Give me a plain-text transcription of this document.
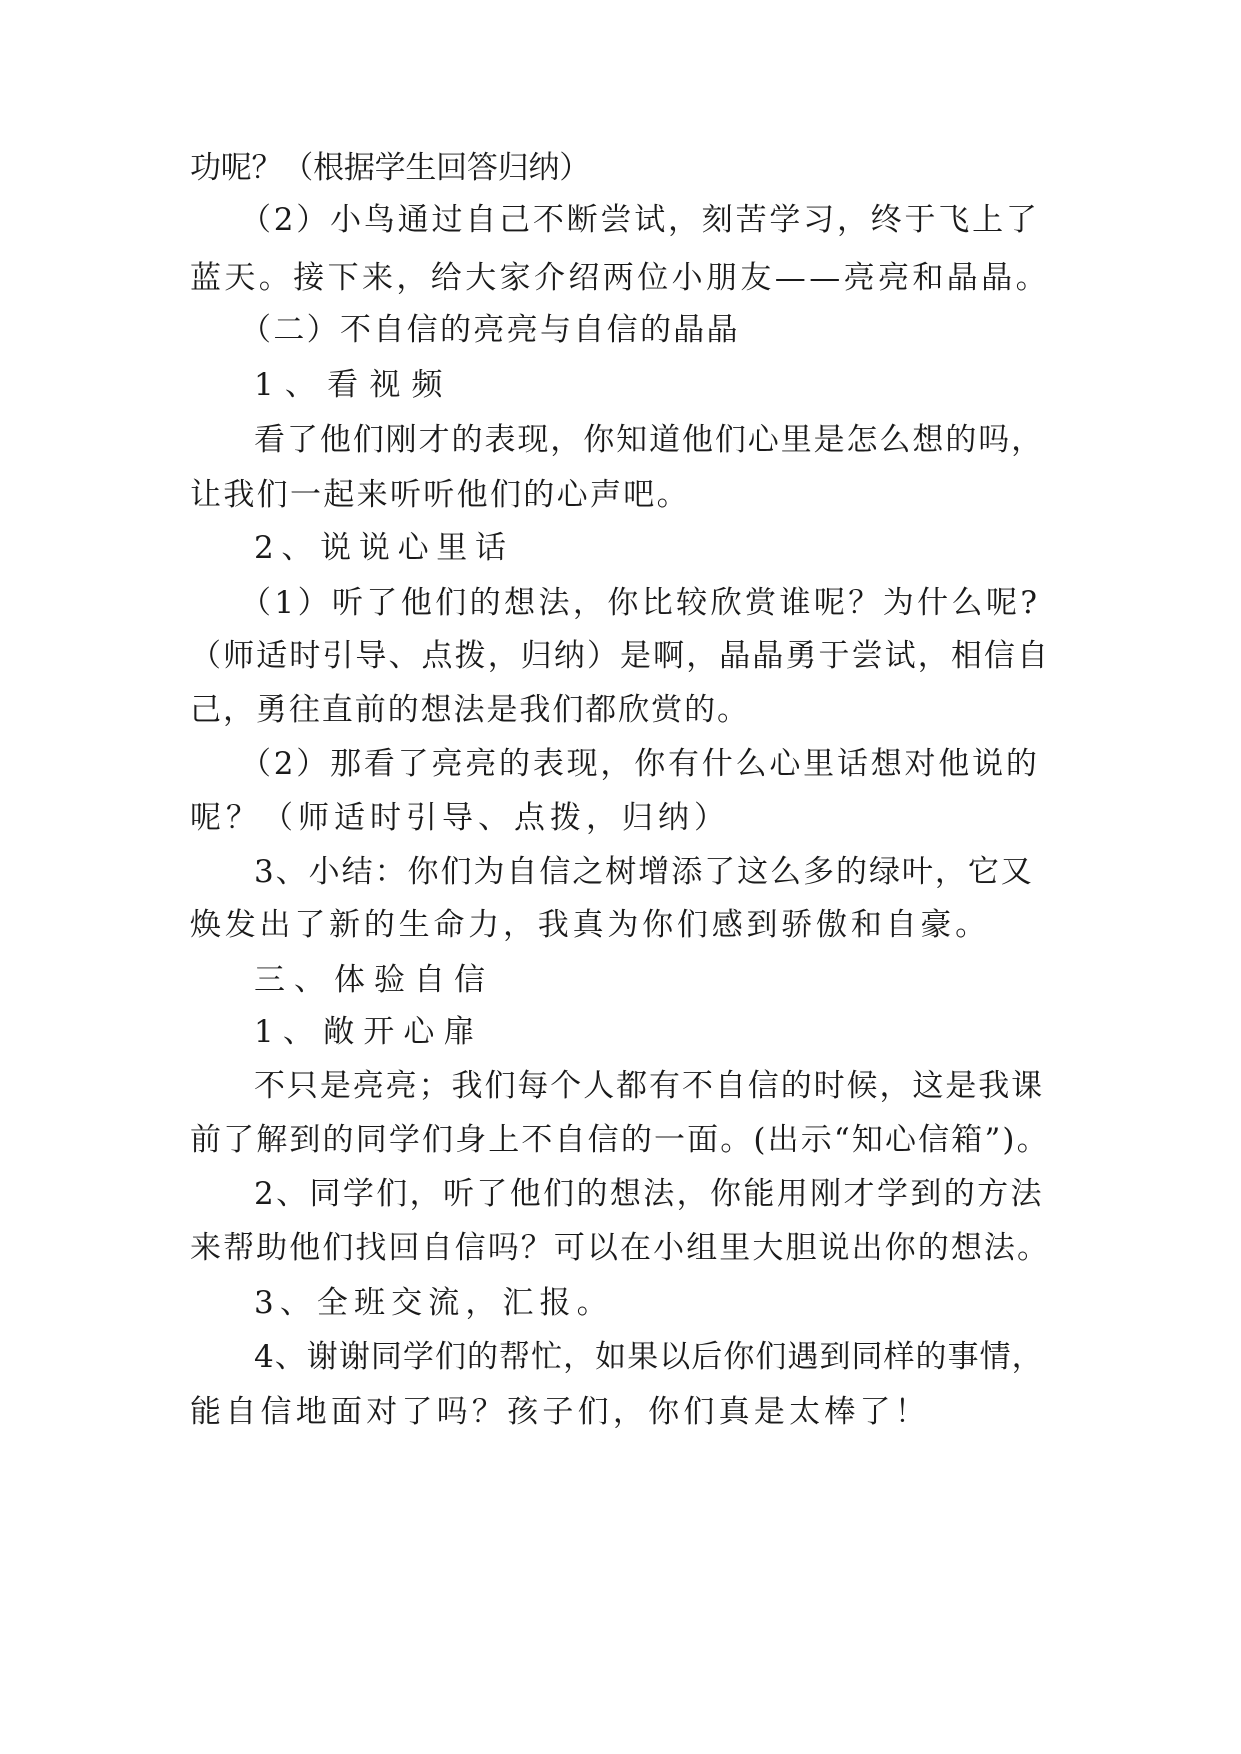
功呢？（根据学生回答归纳）
（2）小鸟通过自己不断尝试，刻苦学习，终于飞上了
蓝天。接下来，给大家介绍两位小朋友——亮亮和晶晶。
（二）不自信的亮亮与自信的晶晶
1、看视频
看了他们刚才的表现，你知道他们心里是怎么想的吗，
让我们一起来听听他们的心声吧。
2、说说心里话
（1）听了他们的想法，你比较欣赏谁呢？为什么呢?
（师适时引导、点拨，归纳）是啊，晶晶勇于尝试，相信自
己，勇往直前的想法是我们都欣赏的。
（2）那看了亮亮的表现，你有什么心里话想对他说的
呢？（师适时引导、点拨，归纳）
3、小结：你们为自信之树增添了这么多的绿叶，它又
焕发出了新的生命力，我真为你们感到骄傲和自豪。
三、体验自信
1、敞开心扉
不只是亮亮；我们每个人都有不自信的时候，这是我课
前了解到的同学们身上不自信的一面。(出示“知心信箱”)。
2、同学们，听了他们的想法，你能用刚才学到的方法
来帮助他们找回自信吗？可以在小组里大胆说出你的想法。
3、全班交流，汇报。
4、谢谢同学们的帮忙，如果以后你们遇到同样的事情，
能自信地面对了吗？孩子们，你们真是太棒了！
